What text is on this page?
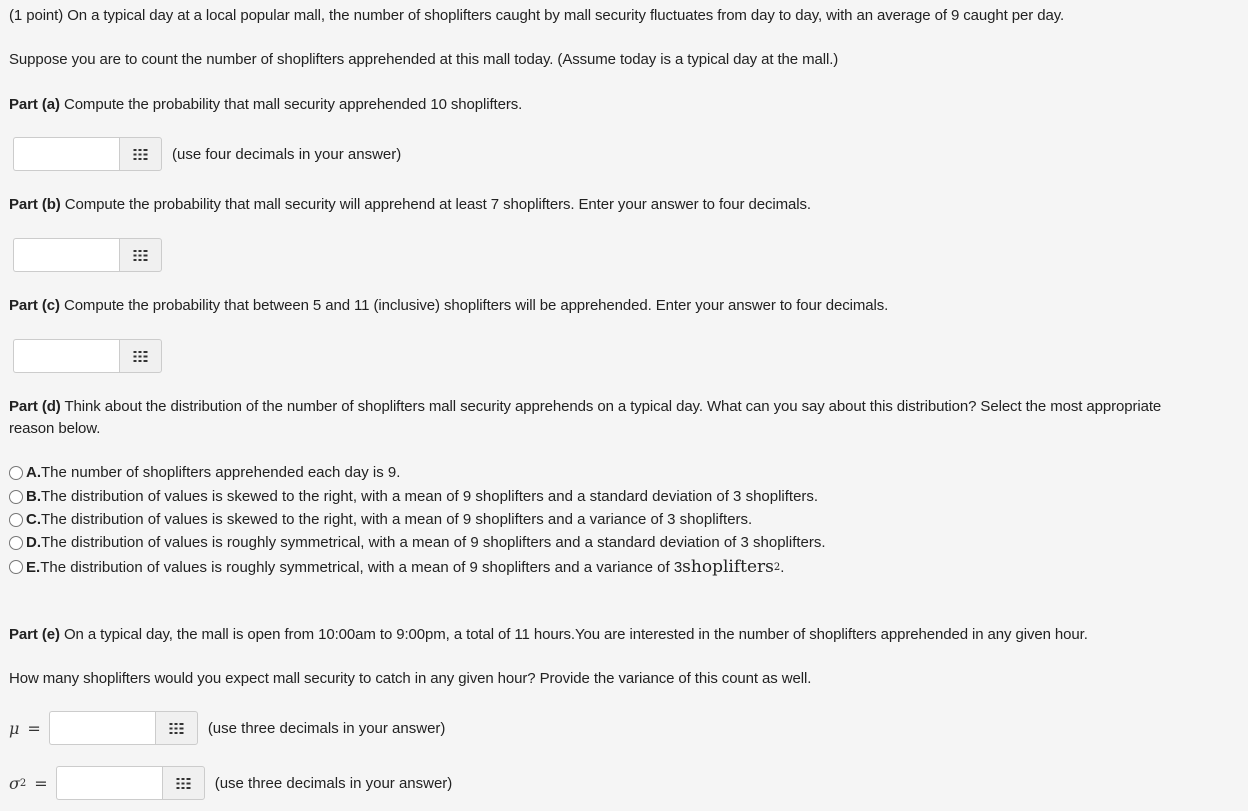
(1 point) On a typical day at a local popular mall, the number of shoplifters caught by mall security fluctuates from day to day, with an average of 9 caught per day.
Suppose you are to count the number of shoplifters apprehended at this mall today. (Assume today is a typical day at the mall.)
Part (a) Compute the probability that mall security apprehended 10 shoplifters.
(use four decimals in your answer)
Part (b) Compute the probability that mall security will apprehend at least 7 shoplifters. Enter your answer to four decimals.
Part (c) Compute the probability that between 5 and 11 (inclusive) shoplifters will be apprehended. Enter your answer to four decimals.
Part (d) Think about the distribution of the number of shoplifters mall security apprehends on a typical day. What can you say about this distribution? Select the most appropriate
reason below.
A. The number of shoplifters apprehended each day is 9.
B. The distribution of values is skewed to the right, with a mean of 9 shoplifters and a standard deviation of 3 shoplifters.
C. The distribution of values is skewed to the right, with a mean of 9 shoplifters and a variance of 3 shoplifters.
D. The distribution of values is roughly symmetrical, with a mean of 9 shoplifters and a standard deviation of 3 shoplifters.
E. The distribution of values is roughly symmetrical, with a mean of 9 shoplifters and a variance of 3 shoplifters 2 .
Part (e) On a typical day, the mall is open from 10:00am to 9:00pm, a total of 11 hours.You are interested in the number of shoplifters apprehended in any given hour.
How many shoplifters would you expect mall security to catch in any given hour? Provide the variance of this count as well.
μ =	(use three decimals in your answer)
σ 2 =	(use three decimals in your answer)
